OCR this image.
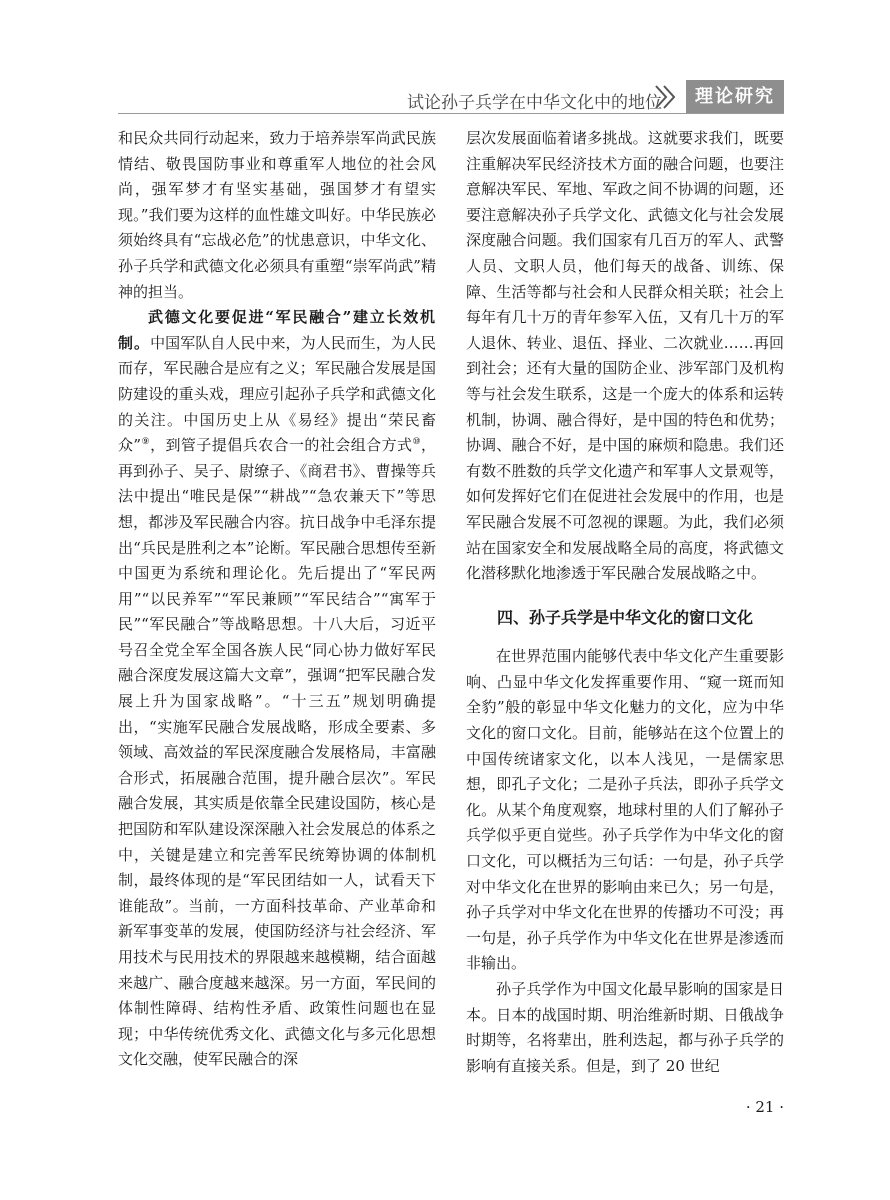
试论孙子兵学在中华文化中的地位	理论研究

和民众共同行动起来，致力于培养崇军尚武民族情结、敬畏国防事业和尊重军人地位的社会风尚，强军梦才有坚实基础，强国梦才有望实现。”我们要为这样的血性雄文叫好。中华民族必须始终具有“忘战必危”的忧患意识，中华文化、孙子兵学和武德文化必须具有重塑“崇军尚武”精神的担当。

武德文化要促进“军民融合”建立长效机制。中国军队自人民中来，为人民而生，为人民而存，军民融合是应有之义；军民融合发展是国防建设的重头戏，理应引起孙子兵学和武德文化的关注。中国历史上从《易经》提出“荣民畜众”⑨，到管子提倡兵农合一的社会组合方式⑩，再到孙子、吴子、尉缭子、《商君书》、曹操等兵法中提出“唯民是保”“耕战”“急农兼天下”等思想，都涉及军民融合内容。抗日战争中毛泽东提出“兵民是胜利之本”论断。军民融合思想传至新中国更为系统和理论化。先后提出了“军民两用”“以民养军”“军民兼顾”“军民结合”“寓军于民”“军民融合”等战略思想。十八大后，习近平号召全党全军全国各族人民“同心协力做好军民融合深度发展这篇大文章”，强调“把军民融合发展上升为国家战略”。“十三五”规划明确提出，“实施军民融合发展战略，形成全要素、多领域、高效益的军民深度融合发展格局，丰富融合形式，拓展融合范围，提升融合层次”。军民融合发展，其实质是依靠全民建设国防，核心是把国防和军队建设深深融入社会发展总的体系之中，关键是建立和完善军民统筹协调的体制机制，最终体现的是“军民团结如一人，试看天下谁能敌”。当前，一方面科技革命、产业革命和新军事变革的发展，使国防经济与社会经济、军用技术与民用技术的界限越来越模糊，结合面越来越广、融合度越来越深。另一方面，军民间的体制性障碍、结构性矛盾、政策性问题也在显现；中华传统优秀文化、武德文化与多元化思想文化交融，使军民融合的深

层次发展面临着诸多挑战。这就要求我们，既要注重解决军民经济技术方面的融合问题，也要注意解决军民、军地、军政之间不协调的问题，还要注意解决孙子兵学文化、武德文化与社会发展深度融合问题。我们国家有几百万的军人、武警人员、文职人员，他们每天的战备、训练、保障、生活等都与社会和人民群众相关联；社会上每年有几十万的青年参军入伍，又有几十万的军人退休、转业、退伍、择业、二次就业……再回到社会；还有大量的国防企业、涉军部门及机构等与社会发生联系，这是一个庞大的体系和运转机制，协调、融合得好，是中国的特色和优势；协调、融合不好，是中国的麻烦和隐患。我们还有数不胜数的兵学文化遗产和军事人文景观等，如何发挥好它们在促进社会发展中的作用，也是军民融合发展不可忽视的课题。为此，我们必须站在国家安全和发展战略全局的高度，将武德文化潜移默化地渗透于军民融合发展战略之中。

四、孙子兵学是中华文化的窗口文化

在世界范围内能够代表中华文化产生重要影响、凸显中华文化发挥重要作用、“窥一斑而知全豹”般的彰显中华文化魅力的文化，应为中华文化的窗口文化。目前，能够站在这个位置上的中国传统诸家文化，以本人浅见，一是儒家思想，即孔子文化；二是孙子兵法，即孙子兵学文化。从某个角度观察，地球村里的人们了解孙子兵学似乎更自觉些。孙子兵学作为中华文化的窗口文化，可以概括为三句话：一句是，孙子兵学对中华文化在世界的影响由来已久；另一句是，孙子兵学对中华文化在世界的传播功不可没；再一句是，孙子兵学作为中华文化在世界是渗透而非输出。

孙子兵学作为中国文化最早影响的国家是日本。日本的战国时期、明治维新时期、日俄战争时期等，名将辈出，胜利迭起，都与孙子兵学的影响有直接关系。但是，到了 20 世纪

· 21 ·
